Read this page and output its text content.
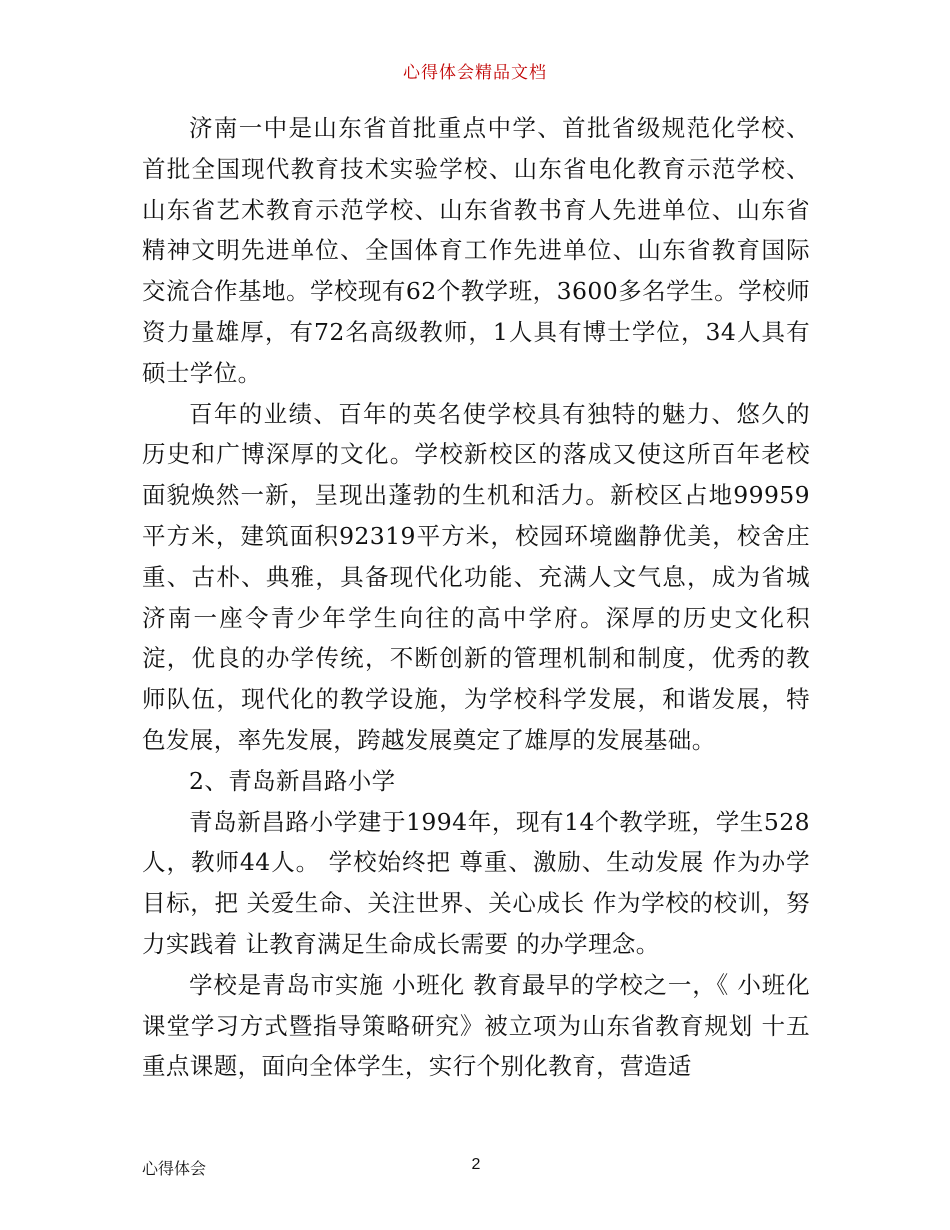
心得体会精品文档

济南一中是山东省首批重点中学、首批省级规范化学校、首批全国现代教育技术实验学校、山东省电化教育示范学校、山东省艺术教育示范学校、山东省教书育人先进单位、山东省精神文明先进单位、全国体育工作先进单位、山东省教育国际交流合作基地。学校现有62个教学班，3600多名学生。学校师资力量雄厚，有72名高级教师，1人具有博士学位，34人具有硕士学位。

百年的业绩、百年的英名使学校具有独特的魅力、悠久的历史和广博深厚的文化。学校新校区的落成又使这所百年老校面貌焕然一新，呈现出蓬勃的生机和活力。新校区占地99959平方米，建筑面积92319平方米，校园环境幽静优美，校舍庄重、古朴、典雅，具备现代化功能、充满人文气息，成为省城济南一座令青少年学生向往的高中学府。深厚的历史文化积淀，优良的办学传统，不断创新的管理机制和制度，优秀的教师队伍，现代化的教学设施，为学校科学发展，和谐发展，特色发展，率先发展，跨越发展奠定了雄厚的发展基础。

2、青岛新昌路小学

青岛新昌路小学建于1994年，现有14个教学班，学生528人，教师44人。 学校始终把 尊重、激励、生动发展 作为办学目标，把 关爱生命、关注世界、关心成长 作为学校的校训，努力实践着 让教育满足生命成长需要 的办学理念。

学校是青岛市实施 小班化 教育最早的学校之一，《 小班化 课堂学习方式暨指导策略研究》被立项为山东省教育规划 十五 重点课题，面向全体学生，实行个别化教育，营造适

心得体会	2
